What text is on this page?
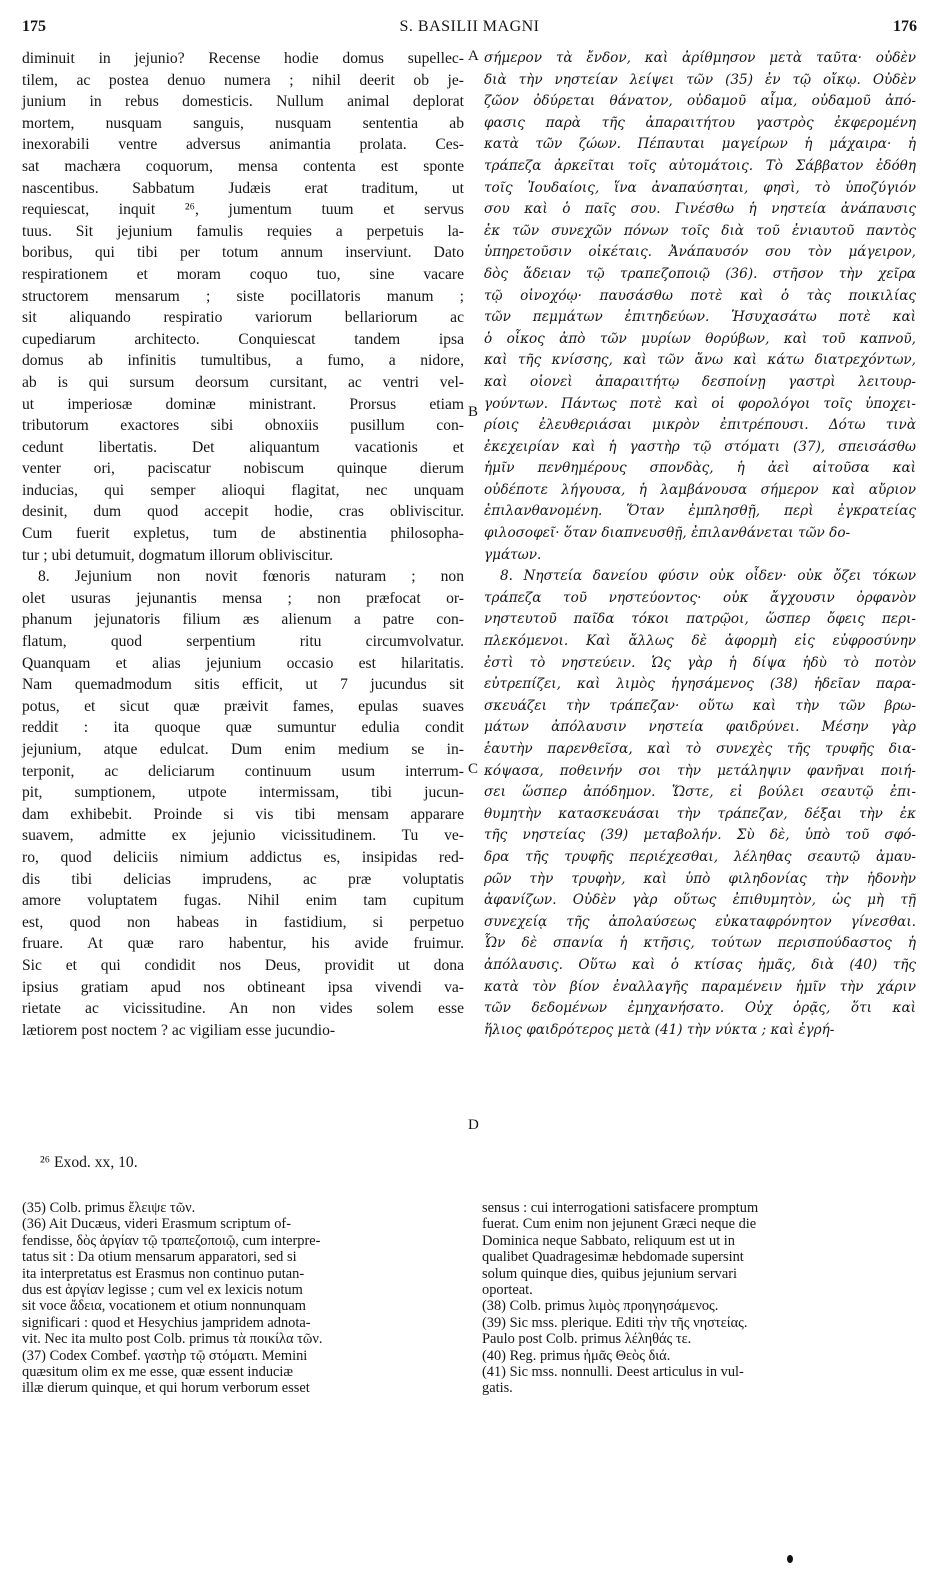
175	S. BASILII MAGNI	176
diminuit in jejunio? Recense hodie domus supellec-
tilem, ac postea denuo numera ; nihil deerit ob je-
junium in rebus domesticis. Nullum animal deplorat
mortem, nusquam sanguis, nusquam sententia ab
inexorabili ventre adversus animantia prolata. Ces-
sat machæra coquorum, mensa contenta est sponte
nascentibus. Sabbatum Judæis erat traditum, ut
requiescat, inquit ²⁶, jumentum tuum et servus
tuus. Sit jejunium famulis requies a perpetuis la-
boribus, qui tibi per totum annum inserviunt. Dato
respirationem et moram coquo tuo, sine vacare
structorem mensarum ; siste pocillatoris manum ;
sit aliquando respiratio variorum bellariorum ac
cupediarum architecto. Conquiescat tandem ipsa
domus ab infinitis tumultibus, a fumo, a nidore,
ab is qui sursum deorsum cursitant, ac ventri vel-
ut imperiosæ dominæ ministrant. Prorsus etiam
tributorum exactores sibi obnoxiis pusillum con-
cedunt libertatis. Det aliquantum vacationis et
venter ori, paciscatur nobiscum quinque dierum
inducias, qui semper alioqui flagitat, nec unquam
desinit, dum quod accepit hodie, cras obliviscitur.
Cum fuerit expletus, tum de abstinentia philosopha-
tur ; ubi detumuit, dogmatum illorum obliviscitur.
8. Jejunium non novit fœnoris naturam ; non
olet usuras jejunantis mensa ; non præfocat or-
phanum jejunatoris filium æs alienum a patre con-
flatum, quod serpentium ritu circumvolvatur.
Quanquam et alias jejunium occasio est hilaritatis.
Nam quemadmodum sitis efficit, ut 7 jucundus sit
potus, et sicut quæ præivit fames, epulas suaves
reddit : ita quoque quæ sumuntur edulia condit
jejunium, atque edulcat. Dum enim medium se in-
terponit, ac deliciarum continuum usum interrum-
pit, sumptionem, utpote intermissam, tibi jucun-
dam exhibebit. Proinde si vis tibi mensam apparare
suavem, admitte ex jejunio vicissitudinem. Tu ve-
ro, quod deliciis nimium addictus es, insipidas red-
dis tibi delicias imprudens, ac præ voluptatis
amore voluptatem fugas. Nihil enim tam cupitum
est, quod non habeas in fastidium, si perpetuo
fruare. At quæ raro habentur, his avide fruimur.
Sic et qui condidit nos Deus, providit ut dona
ipsius gratiam apud nos obtineant ipsa vivendi va-
rietate ac vicissitudine. An non vides solem esse
lætiorem post noctem ? ac vigiliam esse jucundio-
σήμερον τὰ ἔνδον, καὶ ἀρίθμησον μετὰ ταῦτα· οὐδὲν
διὰ τὴν νηστείαν λείψει τῶν (35) ἐν τῷ οἴκῳ. Οὐδὲν
ζῶον ὀδύρεται θάνατον, οὐδαμοῦ αἷμα, οὐδαμοῦ ἀπό-
φασις παρὰ τῆς ἀπαραιτήτου γαστρὸς ἐκφερομένη
κατὰ τῶν ζώων. Πέπαυται μαγείρων ἡ μάχαιρα· ἡ
τράπεζα ἀρκεῖται τοῖς αὐτομάτοις. Τὸ Σάββατον ἐδόθη
τοῖς Ἰουδαίοις, ἵνα ἀναπαύσηται, φησὶ, τὸ ὑποζύγιόν
σου καὶ ὁ παῖς σου. Γινέσθω ἡ νηστεία ἀνάπαυσις
ἐκ τῶν συνεχῶν πόνων τοῖς διὰ τοῦ ἐνιαυτοῦ παντὸς
ὑπηρετοῦσιν οἰκέταις. Ἀνάπαυσόν σου τὸν μάγειρον,
δὸς ἄδειαν τῷ τραπεζοποιῷ (36). στῆσον τὴν χεῖρα
τῷ οἰνοχόῳ· παυσάσθω ποτὲ καὶ ὁ τὰς ποικιλίας
τῶν πεμμάτων ἐπιτηδεύων. Ἡσυχασάτω ποτὲ καὶ
ὁ οἶκος ἀπὸ τῶν μυρίων θορύβων, καὶ τοῦ καπνοῦ,
καὶ τῆς κνίσσης, καὶ τῶν ἄνω καὶ κάτω διατρεχόντων,
καὶ οἱονεὶ ἀπαραιτήτῳ δεσποίνῃ γαστρὶ λειτουρ-
γούντων. Πάντως ποτὲ καὶ οἱ φορολόγοι τοῖς ὑποχει-
ρίοις ἐλευθεριάσαι μικρὸν ἐπιτρέπουσι. Δότω τινὰ
ἐκεχειρίαν καὶ ἡ γαστὴρ τῷ στόματι (37), σπεισάσθω
ἡμῖν πενθημέρους σπονδὰς, ἡ ἀεὶ αἰτοῦσα καὶ
οὐδέποτε λήγουσα, ἡ λαμβάνουσα σήμερον καὶ αὔριον
ἐπιλανθανομένη. Ὅταν ἐμπλησθῇ, περὶ ἐγκρατείας
φιλοσοφεῖ· ὅταν διαπνευσθῇ, ἐπιλανθάνεται τῶν δο-
γμάτων.
8. Νηστεία δανείου φύσιν οὐκ οἶδεν· οὐκ ὄζει τόκων
τράπεζα τοῦ νηστεύοντος· οὐκ ἄγχουσιν ὀρφανὸν
νηστευτοῦ παῖδα τόκοι πατρῷοι, ὥσπερ ὄφεις περι-
πλεκόμενοι. Καὶ ἄλλως δὲ ἀφορμὴ εἰς εὐφροσύνην
ἐστὶ τὸ νηστεύειν. Ὡς γὰρ ἡ δίψα ἡδὺ τὸ ποτὸν
εὐτρεπίζει, καὶ λιμὸς ἡγησάμενος (38) ἡδεῖαν παρα-
σκευάζει τὴν τράπεζαν· οὕτω καὶ τὴν τῶν βρω-
μάτων ἀπόλαυσιν νηστεία φαιδρύνει. Μέσην γὰρ
ἑαυτὴν παρενθεῖσα, καὶ τὸ συνεχὲς τῆς τρυφῆς δια-
κόψασα, ποθεινήν σοι τὴν μετάληψιν φανῆναι ποιή-
σει ὥσπερ ἀπόδημον. Ὥστε, εἰ βούλει σεαυτῷ ἐπι-
θυμητὴν κατασκευάσαι τὴν τράπεζαν, δέξαι τὴν ἐκ
τῆς νηστείας (39) μεταβολήν. Σὺ δὲ, ὑπὸ τοῦ σφό-
δρα τῆς τρυφῆς περιέχεσθαι, λέληθας σεαυτῷ ἀμαυ-
ρῶν τὴν τρυφὴν, καὶ ὑπὸ φιληδονίας τὴν ἡδονὴν
ἀφανίζων. Οὐδὲν γὰρ οὕτως ἐπιθυμητὸν, ὡς μὴ τῇ
συνεχείᾳ τῆς ἀπολαύσεως εὐκαταφρόνητον γίνεσθαι.
Ὧν δὲ σπανία ἡ κτῆσις, τούτων περισπούδαστος ἡ
ἀπόλαυσις. Οὕτω καὶ ὁ κτίσας ἡμᾶς, διὰ (40) τῆς
κατὰ τὸν βίον ἐναλλαγῆς παραμένειν ἡμῖν τὴν χάριν
τῶν δεδομένων ἐμηχανήσατο. Οὐχ ὁρᾷς, ὅτι καὶ
ἥλιος φαιδρότερος μετὰ (41) τὴν νύκτα ; καὶ ἐγρή-
A
B
C
D
²⁶ Exod. xx, 10.
(35) Colb. primus ἔλειψε τῶν.
(36) Ait Ducæus, videri Erasmum scriptum of-
fendisse, δὸς ἀργίαν τῷ τραπεζοποιῷ, cum interpre-
tatus sit : Da otium mensarum apparatori, sed si
ita interpretatus est Erasmus non continuo putan-
dus est ἀργίαν legisse ; cum vel ex lexicis notum
sit voce ἄδεια, vocationem et otium nonnunquam
significari : quod et Hesychius jampridem adnota-
vit. Nec ita multo post Colb. primus τὰ ποικίλα τῶν.
(37) Codex Combef. γαστὴρ τῷ στόματι. Memini
quæsitum olim ex me esse, quæ essent induciæ
illæ dierum quinque, et qui horum verborum esset
sensus : cui interrogationi satisfacere promptum
fuerat. Cum enim non jejunent Græci neque die
Dominica neque Sabbato, reliquum est ut in
qualibet Quadragesimæ hebdomade supersint
solum quinque dies, quibus jejunium servari
oporteat.
(38) Colb. primus λιμὸς προηγησάμενος.
(39) Sic mss. plerique. Editi τὴν τῆς νηστείας.
Paulo post Colb. primus λέληθάς τε.
(40) Reg. primus ἡμᾶς Θεὸς διά.
(41) Sic mss. nonnulli. Deest articulus in vul-
gatis.
